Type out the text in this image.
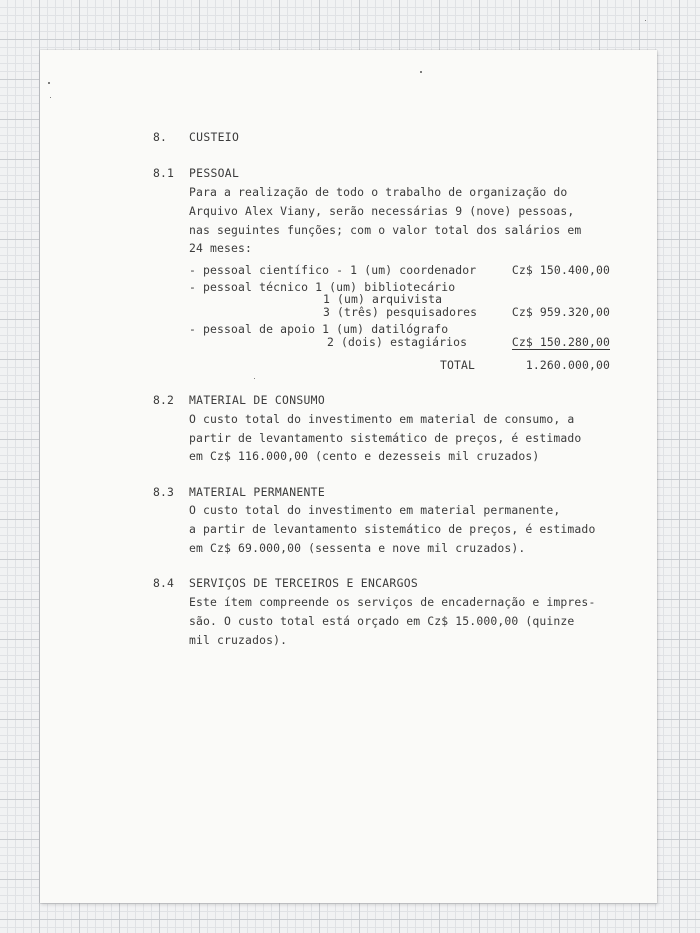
8. CUSTEIO
8.1 PESSOAL
Para a realização de todo o trabalho de organização do
Arquivo Alex Viany, serão necessárias 9 (nove) pessoas,
nas seguintes funções; com o valor total dos salários em
24 meses:
- pessoal científico - 1 (um) coordenador	Cz$ 150.400,00
- pessoal técnico 1 (um) bibliotecário
1 (um) arquivista
3 (três) pesquisadores	Cz$ 959.320,00
- pessoal de apoio 1 (um) datilógrafo
2 (dois) estagiários	Cz$ 150.280,00
TOTAL	1.260.000,00
8.2 MATERIAL DE CONSUMO
O custo total do investimento em material de consumo, a
partir de levantamento sistemático de preços, é estimado
em Cz$ 116.000,00 (cento e dezesseis mil cruzados)
8.3 MATERIAL PERMANENTE
O custo total do investimento em material permanente,
a partir de levantamento sistemático de preços, é estimado
em Cz$ 69.000,00 (sessenta e nove mil cruzados).
8.4 SERVIÇOS DE TERCEIROS E ENCARGOS
Este ítem compreende os serviços de encadernação e impres-
são. O custo total está orçado em Cz$ 15.000,00 (quinze
mil cruzados).
